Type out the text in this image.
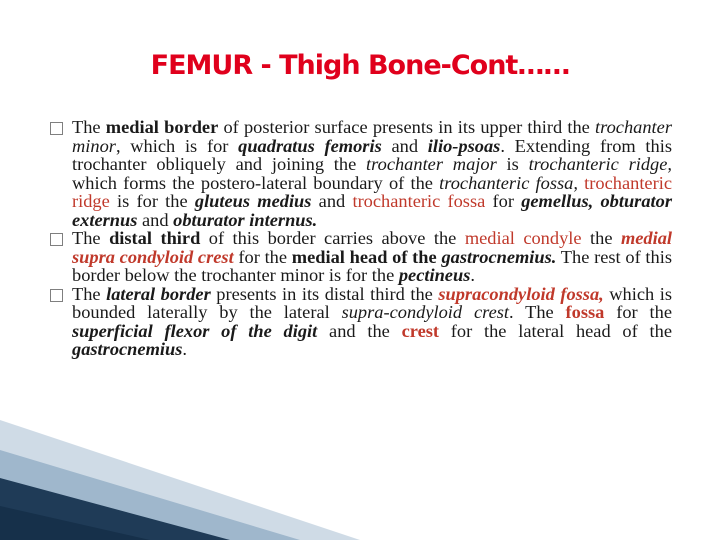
FEMUR - Thigh Bone-Cont……

The medial border of posterior surface presents in its upper third the trochanter minor, which is for quadratus femoris and ilio-psoas. Extending from this trochanter obliquely and joining the trochanter major is trochanteric ridge, which forms the postero-lateral boundary of the trochanteric fossa, trochanteric ridge is for the gluteus medius and trochanteric fossa for gemellus, obturator externus and obturator internus.

The distal third of this border carries above the medial condyle the medial supra condyloid crest for the medial head of the gastrocnemius. The rest of this border below the trochanter minor is for the pectineus.

The lateral border presents in its distal third the supracondyloid fossa, which is bounded laterally by the lateral supra-condyloid crest. The fossa for the superficial flexor of the digit and the crest for the lateral head of the gastrocnemius.
